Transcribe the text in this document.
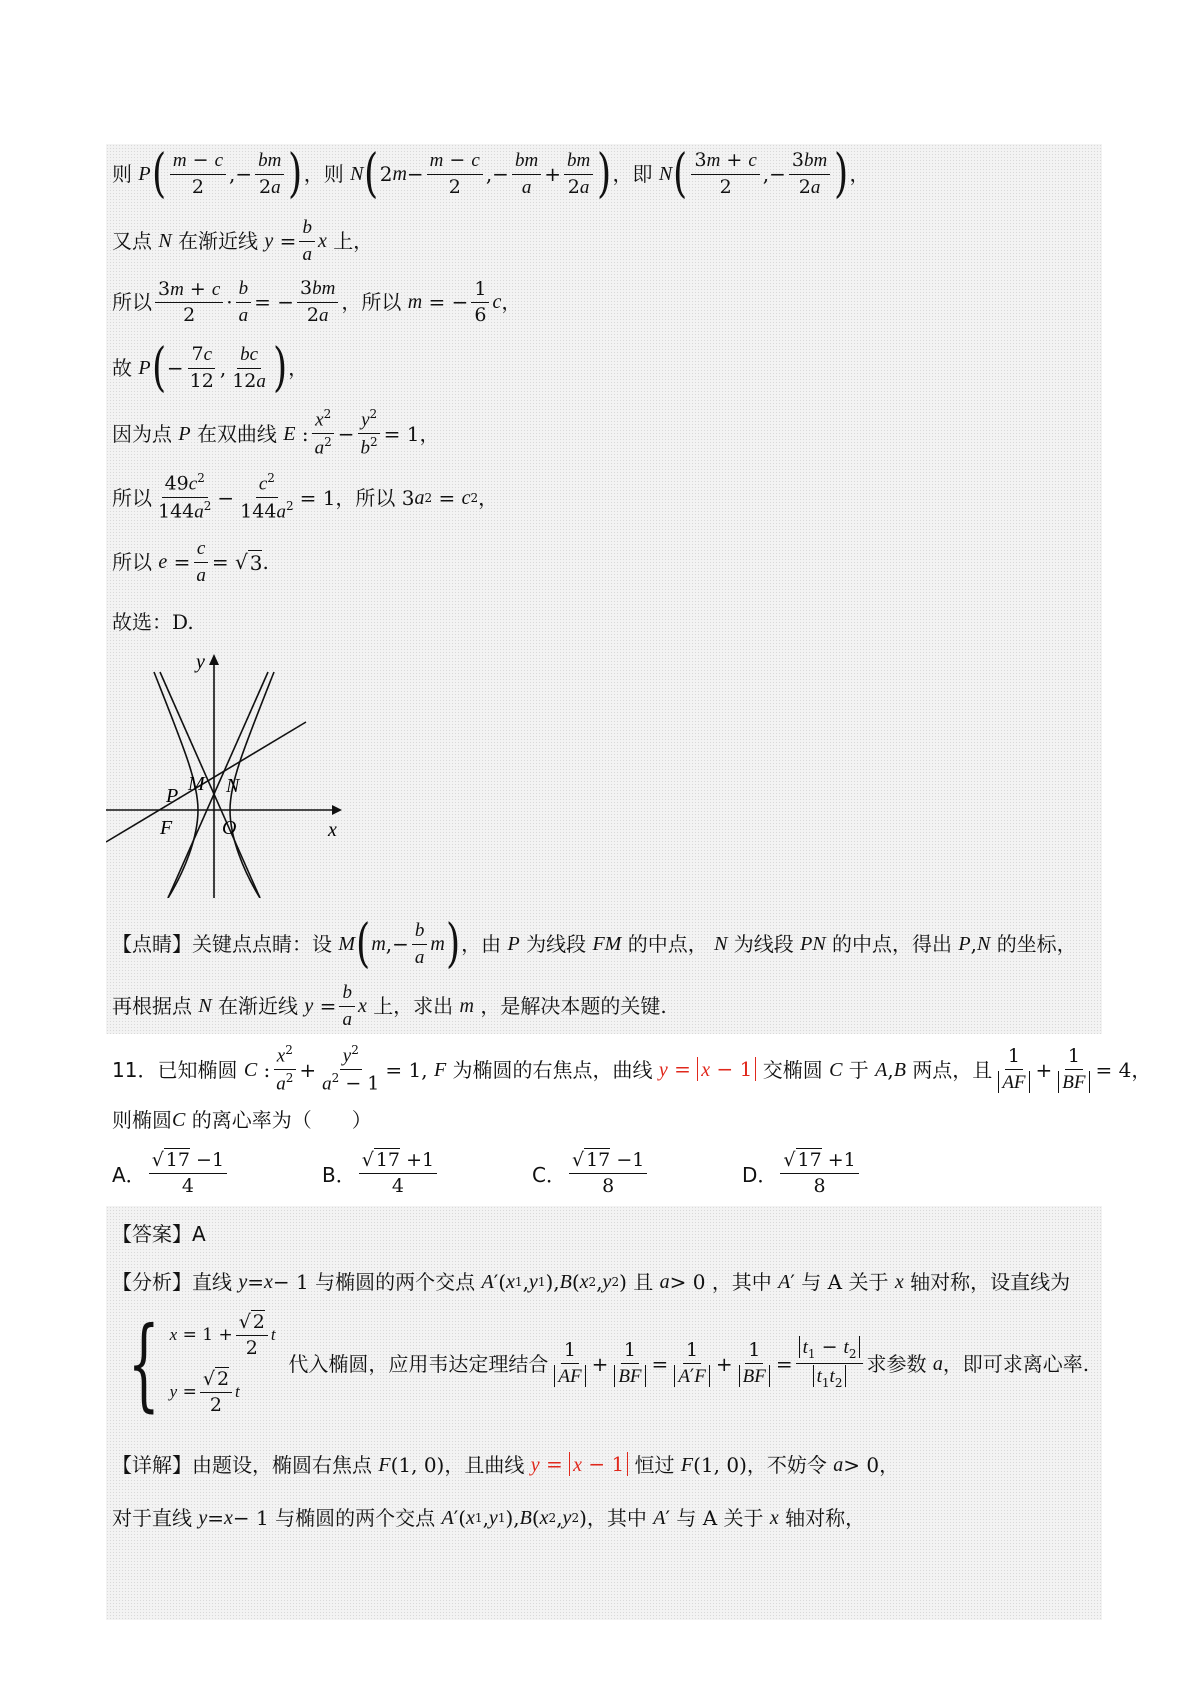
则
P ( $\frac{m - c}{2}$ ,− $\frac{bm}{2a}$ ) ，则
N ( 2 $m - \frac{m - c}{2}$ ,− $\frac{bm}{a} + \frac{bm}{2a}$ ) ，即
N ( $\frac{3m + c}{2}$ ,− $\frac{3bm}{2a}$ ) ，
又点
N
在渐近线
$y = \frac{b}{a}$ x
上，
所以 $\frac{3m + c}{2} \cdot \frac{b}{a}$ = − $\frac{3bm}{2a}$ ，所以
m = − $\frac{1}{6}$ c ，
故
P ( − $\frac{7c}{12}$ , $\frac{bc}{12a}$ ) ，
因为点
P
在双曲线
E : $\frac{x^2}{a^2} - \frac{y^2}{b^2} = 1$ ，
所以 $\frac{49c^2}{144a^2} - \frac{c^2}{144a^2} = 1$ ，所以 3 a 2 = c 2 ，
所以
$e = \frac{c}{a}$ = √ 3 .
故选：D.
y
x
P
M N
F O
【点睛】 关键点点睛：设
M ( m ,− $\frac{b}{a}$ m ) ，由
P
为线段
FM
的中点，
N
为线段
PN
的中点，得出
P , N
的坐标，
再根据点
N
在渐近线
$y = \frac{b}{a}$ x
上，求出
m
，是解决本题的关键.
11． 已知椭圆
C : $\frac{x^2}{a^2} + \frac{y^2}{a^2 - 1} = 1$, F
为椭圆的右焦点，曲线 y = x − 1 交椭圆
C
于
A , B
两点，且 $\frac{1}{AF} + \frac{1}{BF} = 4$ ，
则椭圆 C
的离心率为（　　）
A． $\frac{√ 17 -1}{4}$	B． $\frac{√ 17 +1}{4}$	C． $\frac{√ 17 -1}{8}$	D． $\frac{√ 17 +1}{8}$
【答案】 A
【分析】 直线
y = x − 1 与椭圆的两个交点
A ′( x 1 , y 1 ), B ( x 2 , y 2 ) 且
a > 0 ，其中
A ′ 与 A 关于
x
轴对称，设直线为
{ $x = 1 + \frac{√ 2}{2}$ t
$y = \frac{√ 2}{2}$ t

代入椭圆，应用韦达定理结合 $\frac{1}{AF} + \frac{1}{BF} = \frac{1}{A'F} + \frac{1}{BF} = \frac{t_1 - t_2}{t_1t_2}$ 求参数
a ，即可求离心率.
【详解】 由题设，椭圆右焦点
F (1, 0) ，且曲线 y = x − 1 恒过
F (1, 0) ，不妨令
a > 0 ，
对于直线
y = x − 1 与椭圆的两个交点
A ′( x 1 , y 1 ), B ( x 2 , y 2 ) ，其中
A ′ 与 A 关于
x
轴对称，
